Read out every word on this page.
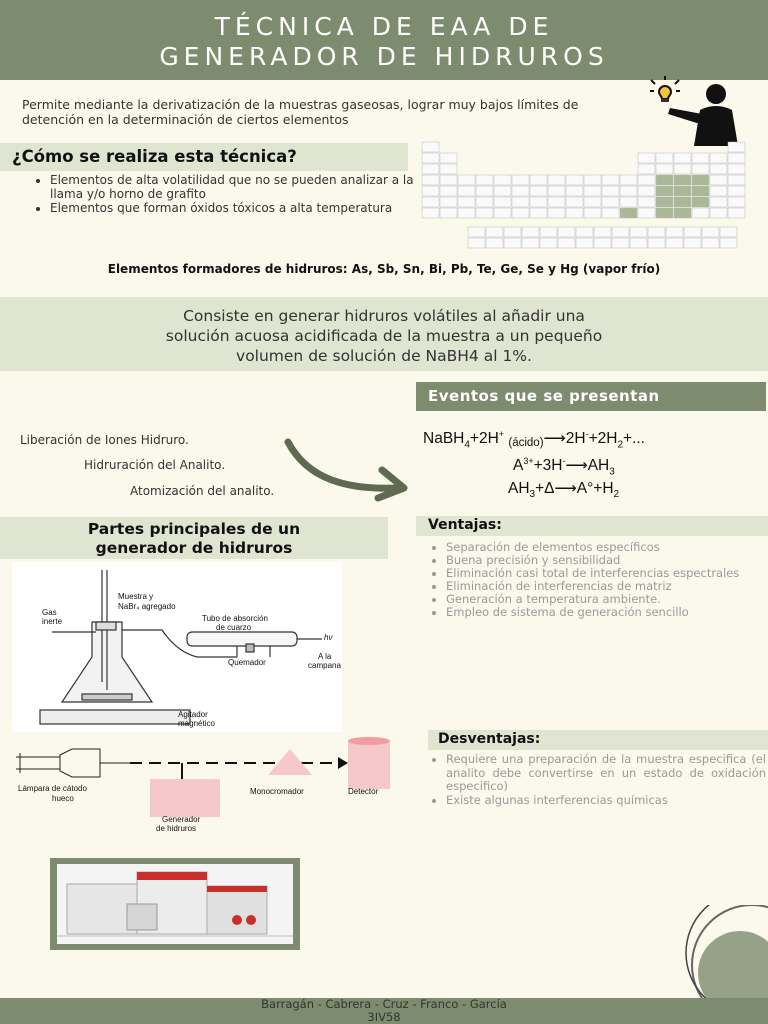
TÉCNICA DE EAA DE
GENERADOR DE HIDRUROS
Permite mediante la derivatización de la muestras gaseosas, lograr muy bajos límites de detención en la determinación de ciertos elementos
¿Cómo se realiza esta técnica?
• Elementos de alta volatilidad que no se pueden analizar a la llama y/o horno de grafito
• Elementos que forman óxidos tóxicos a alta temperatura
Elementos formadores de hidruros: As, Sb, Sn, Bi, Pb, Te, Ge, Se y Hg (vapor frío)
Consiste en generar hidruros volátiles al añadir una
solución acuosa acidificada de la muestra a un pequeño
volumen de solución de NaBH4 al 1%.
Eventos que se presentan
Liberación de Iones Hidruro.
Hidruración del Analito.
Atomización del analito.
NaBH$_4$+2H+ $(ácido)⟶2H^-+2H_2+$...
$A^{3+}+3H^-⟶AH_3$
$AH_3+\Delta⟶A^\circ+H_2$
Partes principales de un
generador de hidruros
Ventajas:
• Separación de elementos específicos
• Buena precisión y sensibilidad
• Eliminación casi total de interferencias espectrales
• Eliminación de interferencias de matriz
• Generación a temperatura ambiente.
• Empleo de sistema de generación sencillo
Muestra y
NaBr₄ agregado
Gas
inerte	Tubo de absorción
de cuarzo
hν
Quemador
A la
campana
Agitador
magnético
Lámpara de cátodo
hueco
Monocromador	Detector
Generador
de hidruros
Desventajas:
• Requiere una preparación de la muestra especifica (el analito debe convertirse en un estado de oxidación especifico)
• Existe algunas interferencias químicas
Barragán - Cabrera - Cruz - Franco - García
3IV58
